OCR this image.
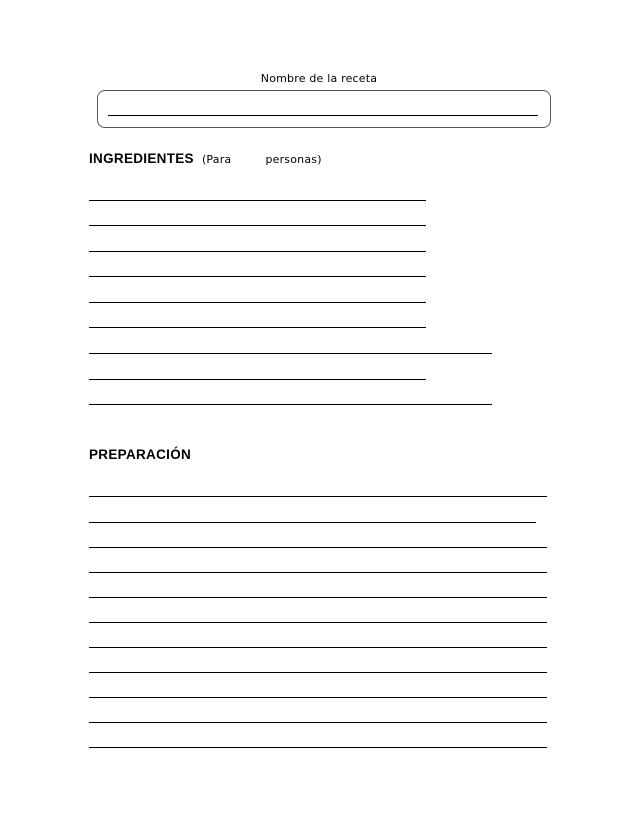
Nombre de la receta
INGREDIENTES (Para	personas)
PREPARACIÓN
